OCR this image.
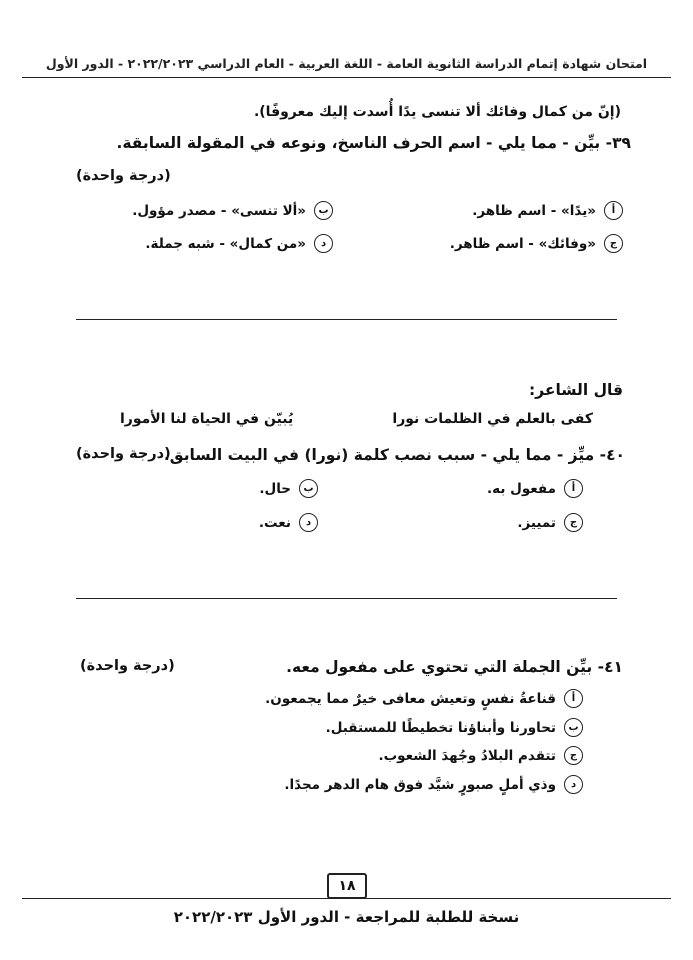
امتحان شهادة إتمام الدراسة الثانوية العامة - اللغة العربية - العام الدراسي ٢٠٢٢/٢٠٢٣ - الدور الأول
(إنّ من كمال وفائك ألا تنسى يدًا أُسدت إليك معروفًا).
٣٩- بيِّن - مما يلي - اسم الحرف الناسخ، ونوعه في المقولة السابقة.
(درجة واحدة)
أ
«يدًا» - اسم ظاهر.
ب
«ألا تنسى» - مصدر مؤول.
ج
«وفائك» - اسم ظاهر.
د
«من كمال» - شبه جملة.
قال الشاعر:
كفى بالعلم في الظلمات نورا
يُبيّن في الحياة لنا الأمورا
٤٠- ميِّز - مما يلي - سبب نصب كلمة (نورا) في البيت السابق.
(درجة واحدة)
أ
مفعول به.
ب
حال.
ج
تمييز.
د
نعت.
٤١- بيِّن الجملة التي تحتوي على مفعول معه.
(درجة واحدة)
أ
قناعةُ نفسٍ وتعيش معافى خيرٌ مما يجمعون.
ب
تحاورنا وأبناؤنا تخطيطًا للمستقبل.
ج
تتقدم البلادُ وجُهدَ الشعوب.
د
وذي أملٍ صبورٍ شيَّد فوق هام الدهر مجدًا.
١٨
نسخة للطلبة للمراجعة - الدور الأول ٢٠٢٢/٢٠٢٣
